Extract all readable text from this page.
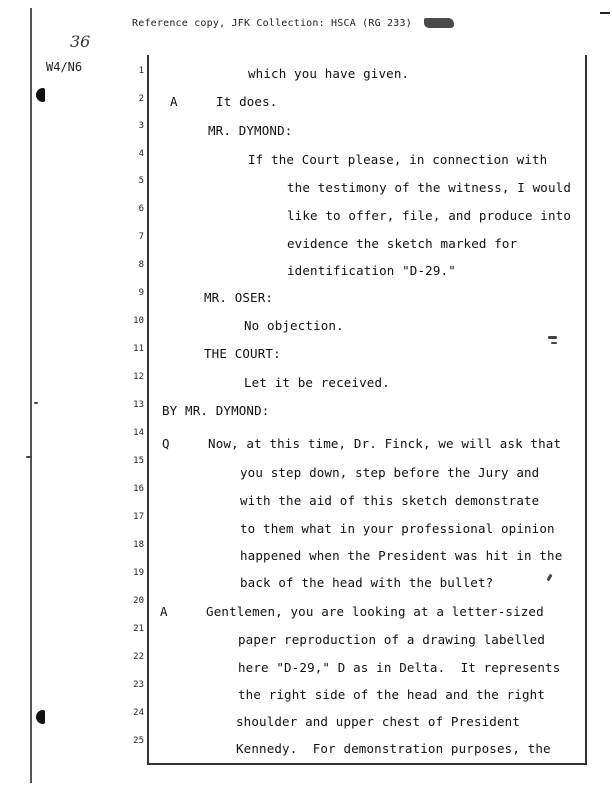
Reference copy, JFK Collection: HSCA (RG 233)
36
W4/N6	1
2
3
4
5
6
7
8
9
10
11
12
13
14
15
16
17
18
19
20
21
22
23
24
25
which you have given.
A     It does.
MR. DYMOND:
If the Court please, in connection with
the testimony of the witness, I would
like to offer, file, and produce into
evidence the sketch marked for
identification "D-29."
MR. OSER:
No objection.
THE COURT:
Let it be received.
BY MR. DYMOND:
Q     Now, at this time, Dr. Finck, we will ask that
you step down, step before the Jury and
with the aid of this sketch demonstrate
to them what in your professional opinion
happened when the President was hit in the
back of the head with the bullet?
A     Gentlemen, you are looking at a letter-sized
paper reproduction of a drawing labelled
here "D-29," D as in Delta.  It represents
the right side of the head and the right
shoulder and upper chest of President
Kennedy.  For demonstration purposes, the
